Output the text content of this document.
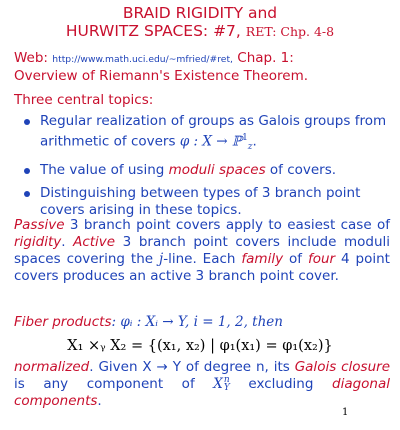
BRAID RIGIDITY and
HURWITZ SPACES: #7, RET: Chp. 4-8
Web: http://www.math.uci.edu/~mfried/#ret, Chap. 1:
Overview of Riemann's Existence Theorem.
Three central topics:
Regular realization of groups as Galois groups from arithmetic of covers φ : X → ℙ$^1_z$.
The value of using moduli spaces of covers.
Distinguishing between types of 3 branch point covers arising in these topics.
Passive 3 branch point covers apply to easiest case of rigidity. Active 3 branch point covers include moduli spaces covering the j-line. Each family of four 4 point covers produces an active 3 branch point cover.
Fiber products: φᵢ : Xᵢ → Y, i = 1, 2, then
X₁ ×ᵧ X₂ = {(x₁, x₂) | φ₁(x₁) = φ₁(x₂)}
normalized. Given X → Y of degree n, its Galois closure is any component of X n
Y excluding diagonal components.
1
